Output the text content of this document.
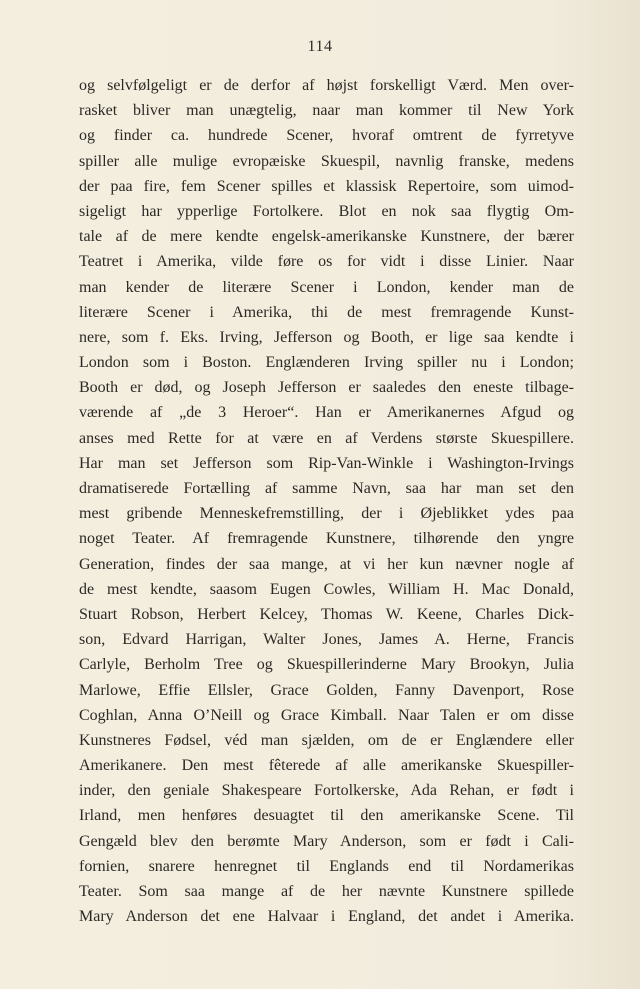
114
og selvfølgeligt er de derfor af højst forskelligt Værd. Men over-
rasket bliver man unægtelig, naar man kommer til New York
og finder ca. hundrede Scener, hvoraf omtrent de fyrretyve
spiller alle mulige evropæiske Skuespil, navnlig franske, medens
der paa fire, fem Scener spilles et klassisk Repertoire, som uimod-
sigeligt har ypperlige Fortolkere. Blot en nok saa flygtig Om-
tale af de mere kendte engelsk-amerikanske Kunstnere, der bærer
Teatret i Amerika, vilde føre os for vidt i disse Linier. Naar
man kender de literære Scener i London, kender man de
literære Scener i Amerika, thi de mest fremragende Kunst-
nere, som f. Eks. Irving, Jefferson og Booth, er lige saa kendte i
London som i Boston. Englænderen Irving spiller nu i London;
Booth er død, og Joseph Jefferson er saaledes den eneste tilbage-
værende af „de 3 Heroer“. Han er Amerikanernes Afgud og
anses med Rette for at være en af Verdens største Skuespillere.
Har man set Jefferson som Rip-Van-Winkle i Washington-Irvings
dramatiserede Fortælling af samme Navn, saa har man set den
mest gribende Menneskefremstilling, der i Øjeblikket ydes paa
noget Teater. Af fremragende Kunstnere, tilhørende den yngre
Generation, findes der saa mange, at vi her kun nævner nogle af
de mest kendte, saasom Eugen Cowles, William H. Mac Donald,
Stuart Robson, Herbert Kelcey, Thomas W. Keene, Charles Dick-
son, Edvard Harrigan, Walter Jones, James A. Herne, Francis
Carlyle, Berholm Tree og Skuespillerinderne Mary Brookyn, Julia
Marlowe, Effie Ellsler, Grace Golden, Fanny Davenport, Rose
Coghlan, Anna O’Neill og Grace Kimball. Naar Talen er om disse
Kunstneres Fødsel, véd man sjælden, om de er Englændere eller
Amerikanere. Den mest fêterede af alle amerikanske Skuespiller-
inder, den geniale Shakespeare Fortolkerske, Ada Rehan, er født i
Irland, men henføres desuagtet til den amerikanske Scene. Til
Gengæld blev den berømte Mary Anderson, som er født i Cali-
fornien, snarere henregnet til Englands end til Nordamerikas
Teater. Som saa mange af de her nævnte Kunstnere spillede
Mary Anderson det ene Halvaar i England, det andet i Amerika.
